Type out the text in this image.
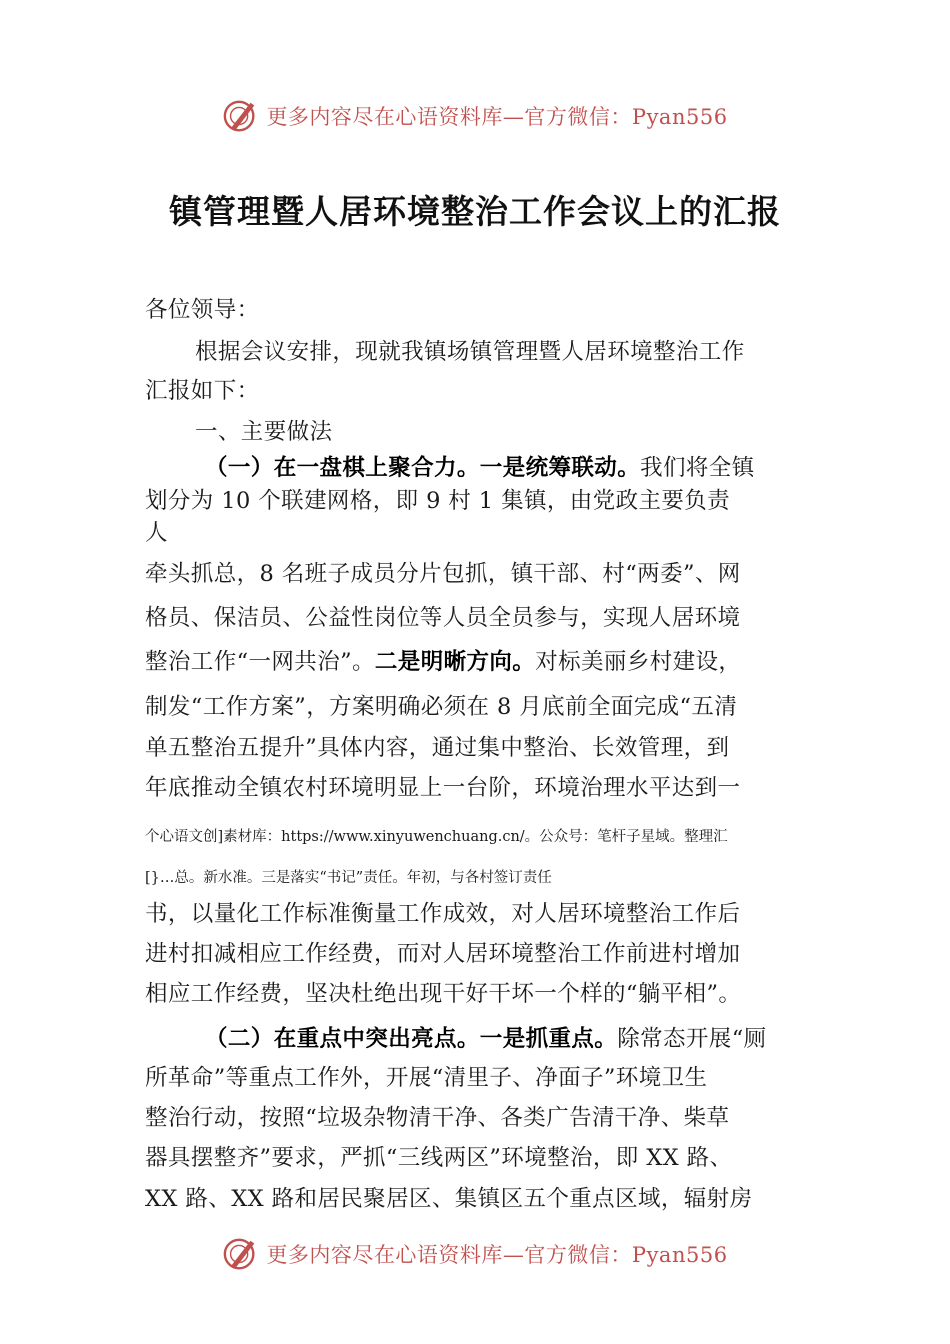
更多内容尽在心语资料库—官方微信：Pyan556
镇管理暨人居环境整治工作会议上的汇报
各位领导：
根据会议安排，现就我镇场镇管理暨人居环境整治工作
汇报如下：
一、主要做法
（一）在一盘棋上聚合力。一是统筹联动。我们将全镇
划分为 10 个联建网格，即 9 村 1 集镇，由党政主要负责
人
牵头抓总，8 名班子成员分片包抓，镇干部、村“两委”、网
格员、保洁员、公益性岗位等人员全员参与，实现人居环境
整治工作“一网共治”。二是明晰方向。对标美丽乡村建设，
制发“工作方案”，方案明确必须在 8 月底前全面完成“五清
单五整治五提升”具体内容，通过集中整治、长效管理，到
年底推动全镇农村环境明显上一台阶，环境治理水平达到一
个心语文创]素材库：https://www.xinyuwenchuang.cn/。公众号：笔杆子星域。整理汇
[}…总。新水准。三是落实“书记”责任。年初，与各村签订责任
书，以量化工作标准衡量工作成效，对人居环境整治工作后
进村扣减相应工作经费，而对人居环境整治工作前进村增加
相应工作经费，坚决杜绝出现干好干坏一个样的“躺平相”。
（二）在重点中突出亮点。一是抓重点。除常态开展“厕
所革命”等重点工作外，开展“清里子、净面子”环境卫生
整治行动，按照“垃圾杂物清干净、各类广告清干净、柴草
器具摆整齐”要求，严抓“三线两区”环境整治，即 XX 路、
XX 路、XX 路和居民聚居区、集镇区五个重点区域，辐射房
更多内容尽在心语资料库—官方微信：Pyan556
